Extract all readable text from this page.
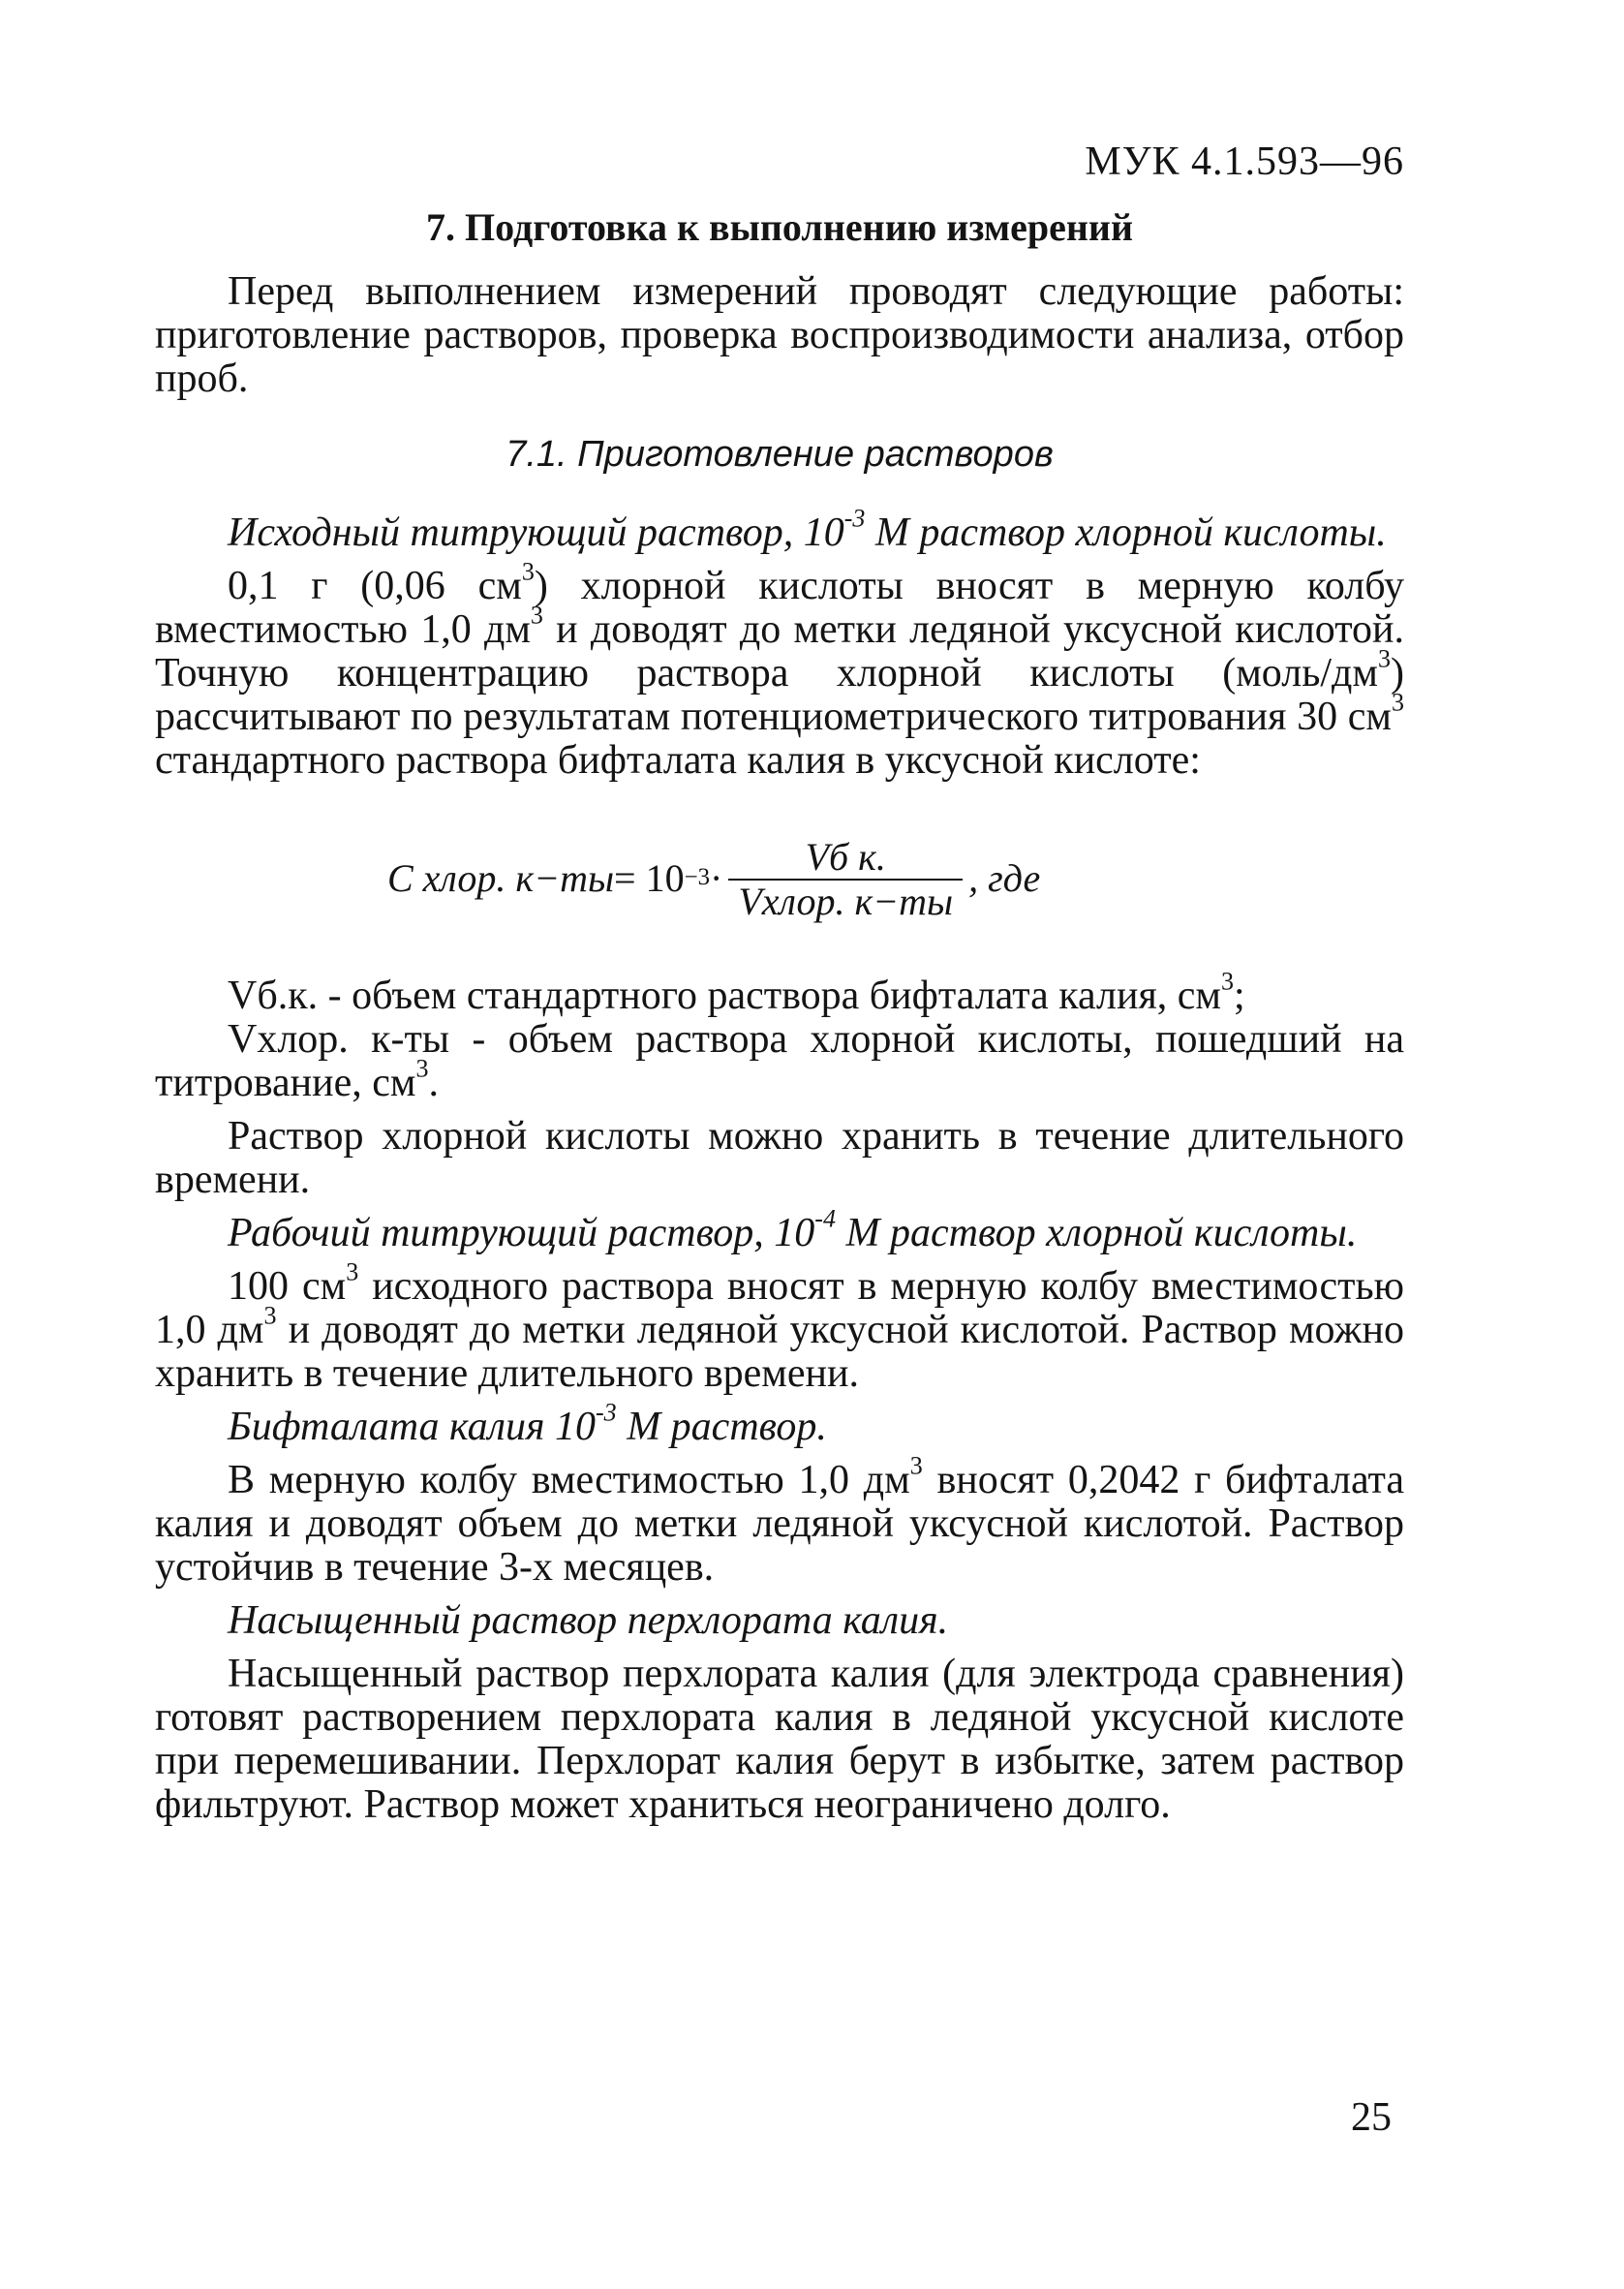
МУК 4.1.593—96
7. Подготовка к выполнению измерений

Перед выполнением измерений проводят следующие работы: приготовление растворов, проверка воспроизводимости анализа, отбор проб.

7.1. Приготовление растворов

Исходный титрующий раствор, $10^{-3}$ М раствор хлорной кислоты.

0,1 г (0,06 $см^3$) хлорной кислоты вносят в мерную колбу вместимостью 1,0 $дм^3$ и доводят до метки ледяной уксусной кислотой. Точную концентрацию раствора хлорной кислоты $(моль/дм^3)$ рассчитывают по результатам потенциометрического титрования 30 $см^3$ стандартного раствора бифталата калия в уксусной кислоте:

С хлор. $к-ты = 10 -3 \cdot \frac{\text{Vб к.}}{\text{Vхлор. к−ты}}$ , где

Vб.к. - объем стандартного раствора бифталата калия, $см^3$;

Vхлор. к-ты - объем раствора хлорной кислоты, пошедший на титрование, $см^3$.

Раствор хлорной кислоты можно хранить в течение длительного времени.

Рабочий титрующий раствор, $10^{-4}$ М раствор хлорной кислоты.

100 $см^3$ исходного раствора вносят в мерную колбу вместимостью 1,0 $дм^3$ и доводят до метки ледяной уксусной кислотой. Раствор можно хранить в течение длительного времени.

Бифталата калия $10^{-3}$ М раствор.

В мерную колбу вместимостью 1,0 $дм^3$ вносят 0,2042 г бифталата калия и доводят объем до метки ледяной уксусной кислотой. Раствор устойчив в течение 3-х месяцев.

Насыщенный раствор перхлората калия.

Насыщенный раствор перхлората калия (для электрода сравнения) готовят растворением перхлората калия в ледяной уксусной кислоте при перемешивании. Перхлорат калия берут в избытке, затем раствор фильтруют. Раствор может храниться неограничено долго.

25
